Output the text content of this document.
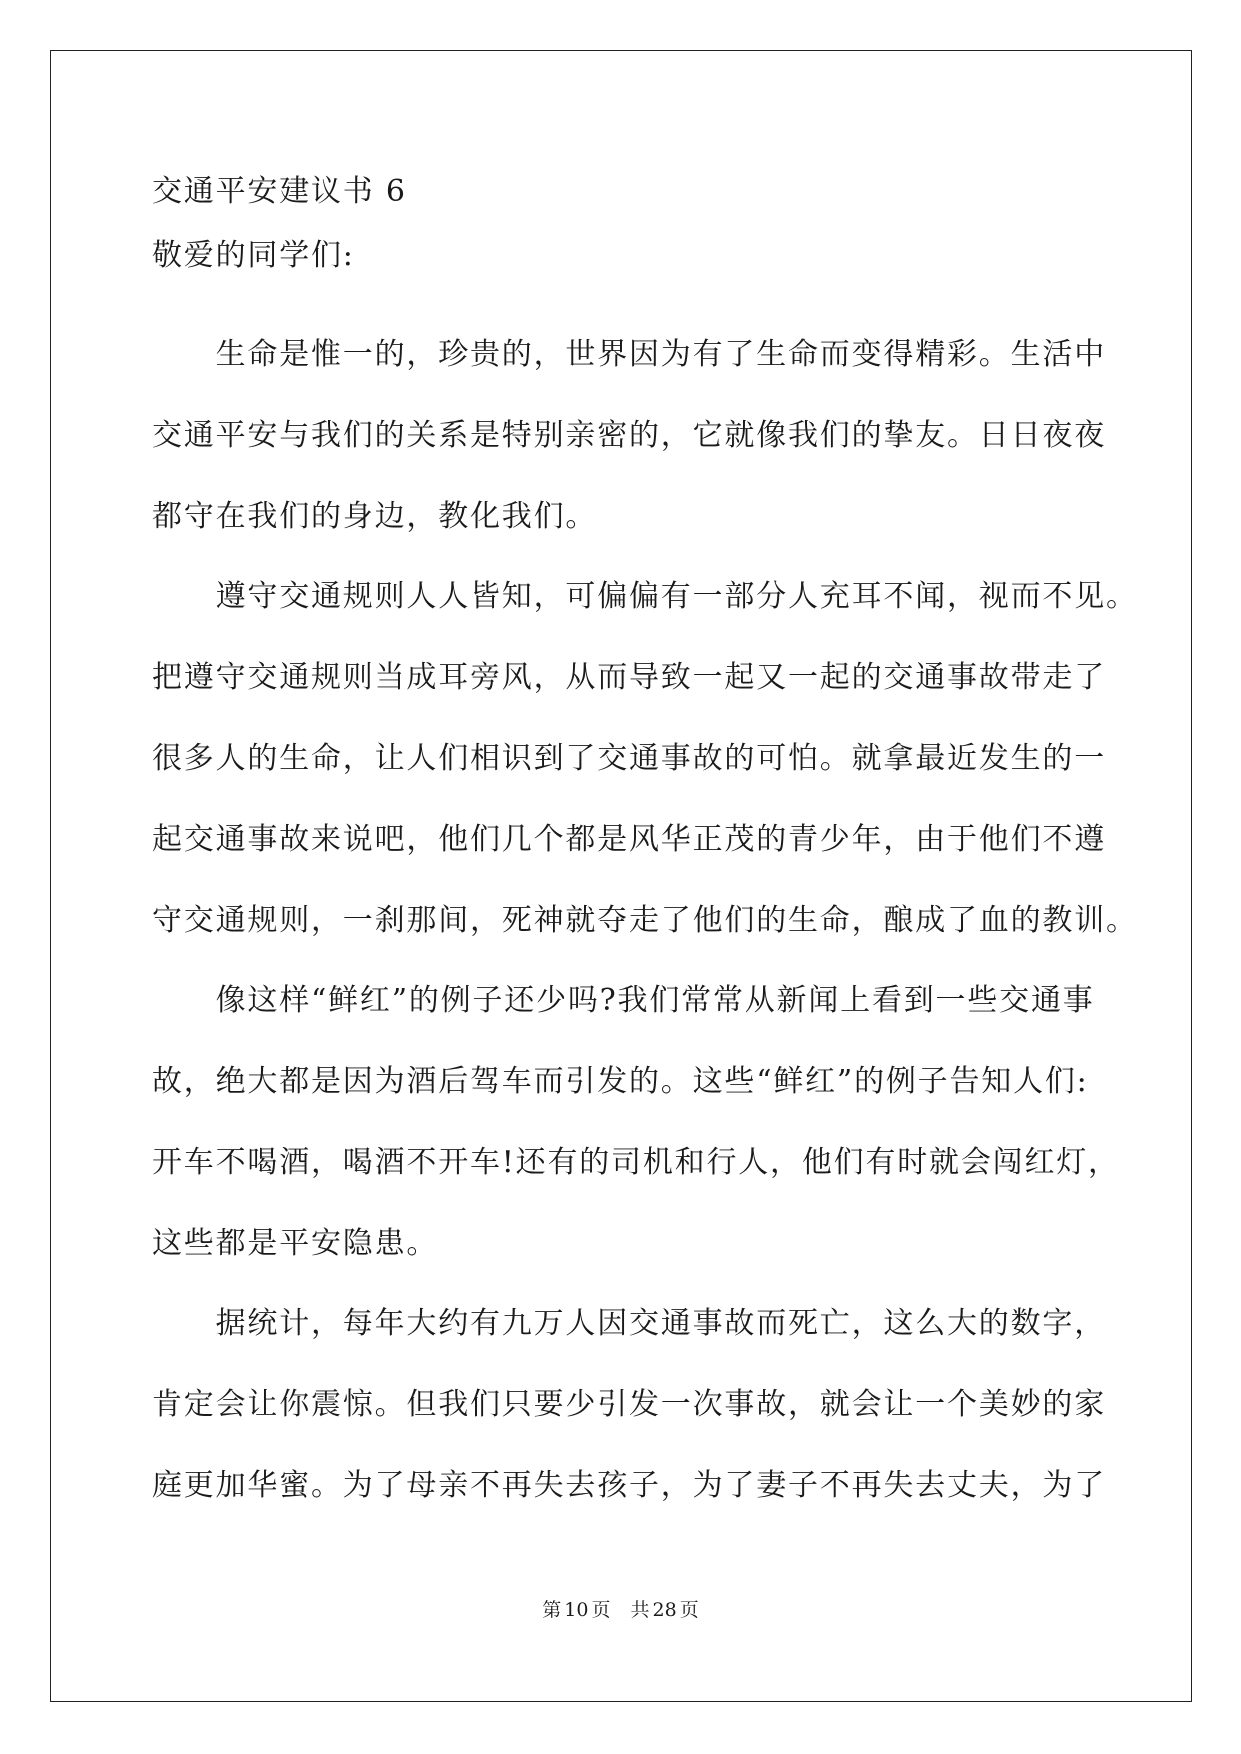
交通平安建议书 6
敬爱的同学们:
　　生命是惟一的，珍贵的，世界因为有了生命而变得精彩。生活中
交通平安与我们的关系是特别亲密的，它就像我们的挚友。日日夜夜
都守在我们的身边，教化我们。
　　遵守交通规则人人皆知，可偏偏有一部分人充耳不闻，视而不见。
把遵守交通规则当成耳旁风，从而导致一起又一起的交通事故带走了
很多人的生命，让人们相识到了交通事故的可怕。就拿最近发生的一
起交通事故来说吧，他们几个都是风华正茂的青少年，由于他们不遵
守交通规则，一刹那间，死神就夺走了他们的生命，酿成了血的教训。
　　像这样“鲜红”的例子还少吗?我们常常从新闻上看到一些交通事
故，绝大都是因为酒后驾车而引发的。这些“鲜红”的例子告知人们:
开车不喝酒，喝酒不开车!还有的司机和行人，他们有时就会闯红灯，
这些都是平安隐患。
　　据统计，每年大约有九万人因交通事故而死亡，这么大的数字，
肯定会让你震惊。但我们只要少引发一次事故，就会让一个美妙的家
庭更加华蜜。为了母亲不再失去孩子，为了妻子不再失去丈夫，为了
第 10 页 共 28 页
